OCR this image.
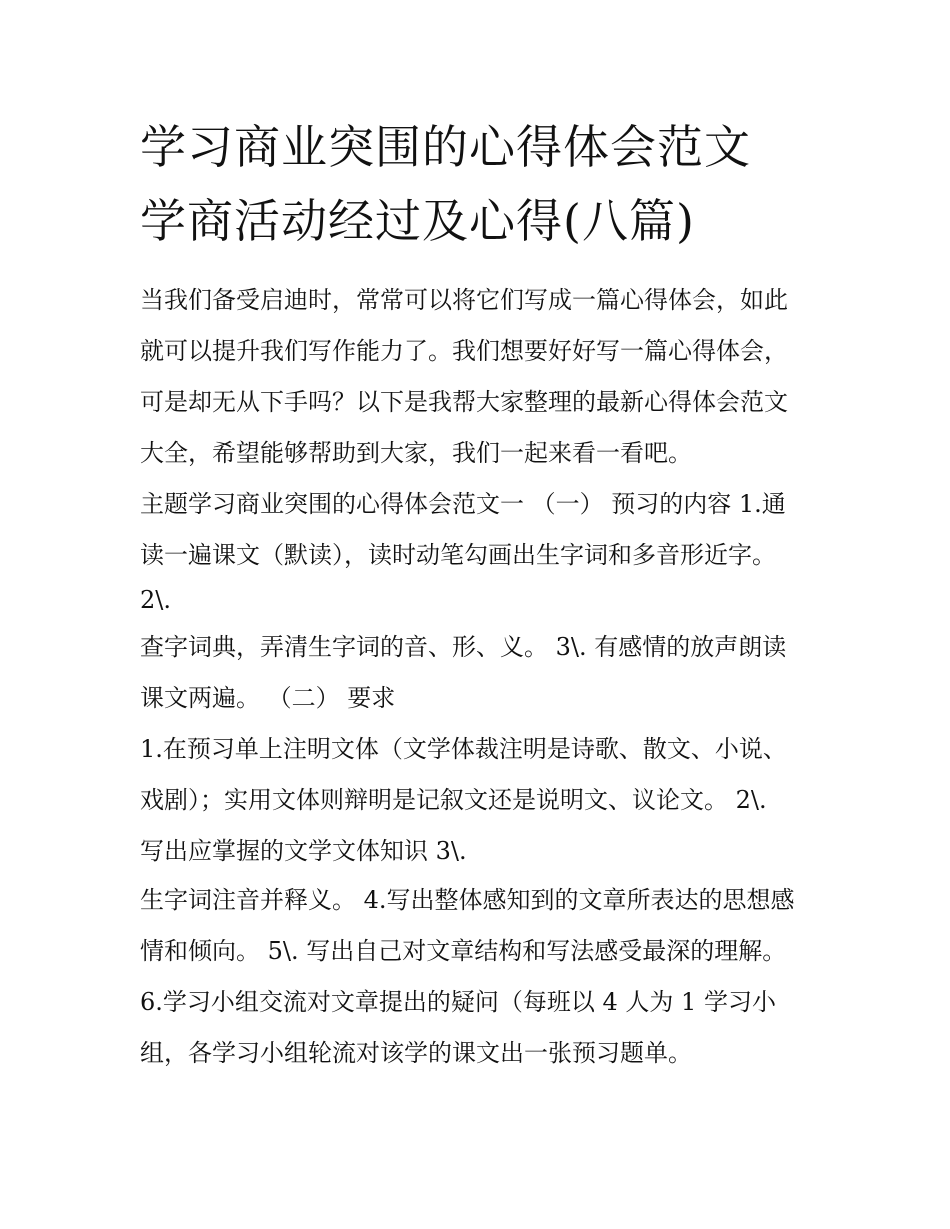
学习商业突围的心得体会范文
学商活动经过及心得(八篇)
当我们备受启迪时，常常可以将它们写成一篇心得体会，如此
就可以提升我们写作能力了。我们想要好好写一篇心得体会，
可是却无从下手吗？以下是我帮大家整理的最新心得体会范文
大全，希望能够帮助到大家，我们一起来看一看吧。
主题学习商业突围的心得体会范文一 （一） 预习的内容 1.通
读一遍课文（默读），读时动笔勾画出生字词和多音形近字。
2\.
查字词典，弄清生字词的音、形、义。 3\. 有感情的放声朗读
课文两遍。 （二） 要求
1.在预习单上注明文体（文学体裁注明是诗歌、散文、小说、
戏剧）；实用文体则辩明是记叙文还是说明文、议论文。 2\.
写出应掌握的文学文体知识 3\.
生字词注音并释义。 4.写出整体感知到的文章所表达的思想感
情和倾向。 5\. 写出自己对文章结构和写法感受最深的理解。
6.学习小组交流对文章提出的疑问（每班以 4 人为 1 学习小
组，各学习小组轮流对该学的课文出一张预习题单。
